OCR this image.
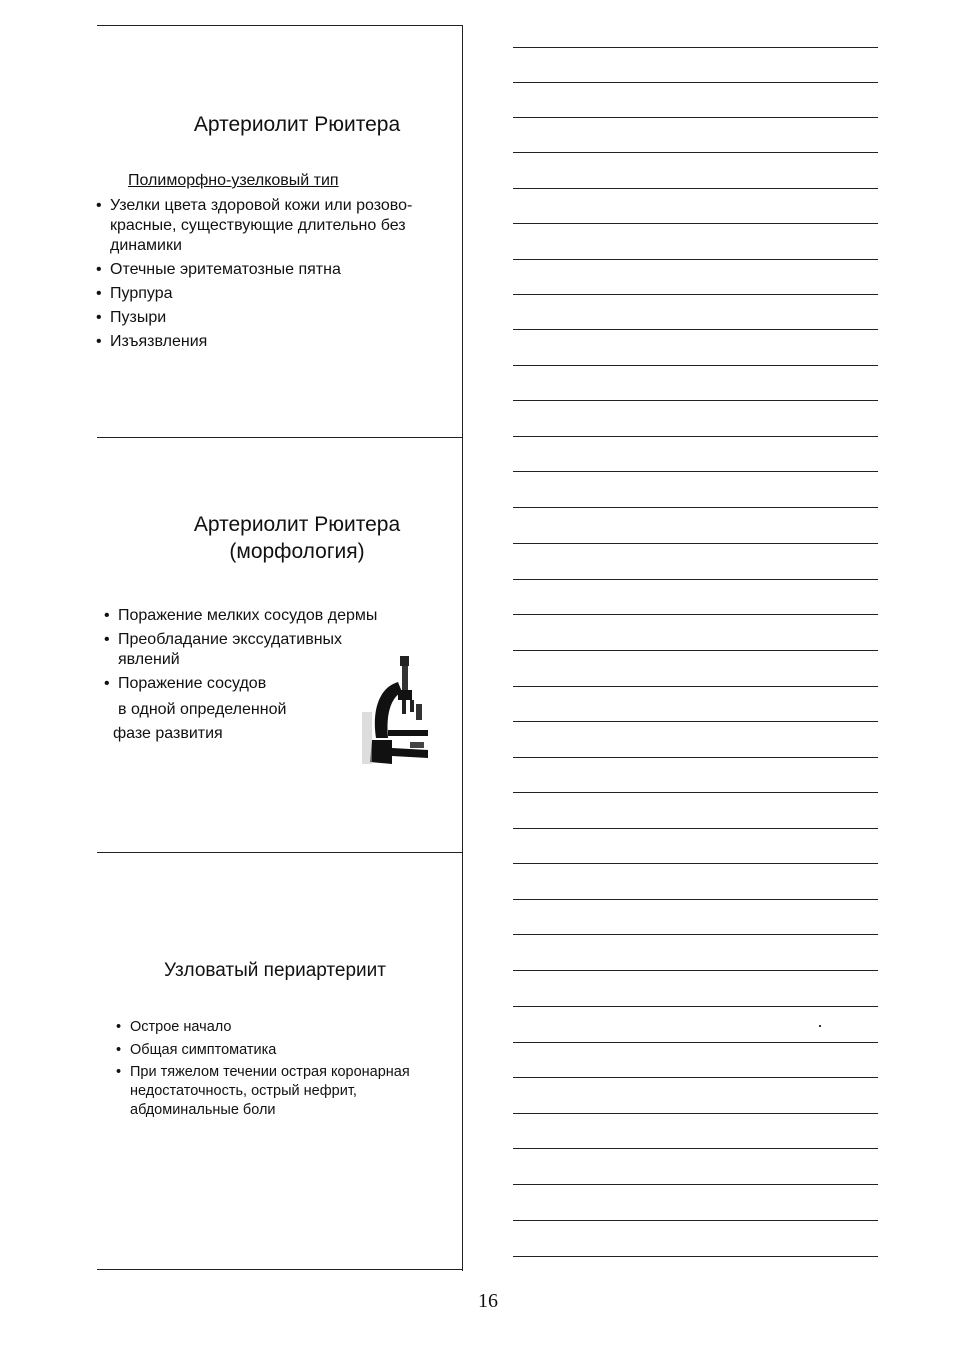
Артериолит Рюитера
Полиморфно-узелковый тип
• Узелки цвета здоровой кожи или розово-красные, существующие длительно без динамики
• Отечные эритематозные пятна
• Пурпура
• Пузыри
• Изъязвления
Артериолит Рюитера
(морфология)
• Поражение мелких сосудов дермы
• Преобладание экссудативных явлений
• Поражение сосудов
в одной определенной
фазе развития
Узловатый периартериит
• Острое начало
• Общая симптоматика
• При тяжелом течении острая коронарная недостаточность, острый нефрит, абдоминальные боли
16
